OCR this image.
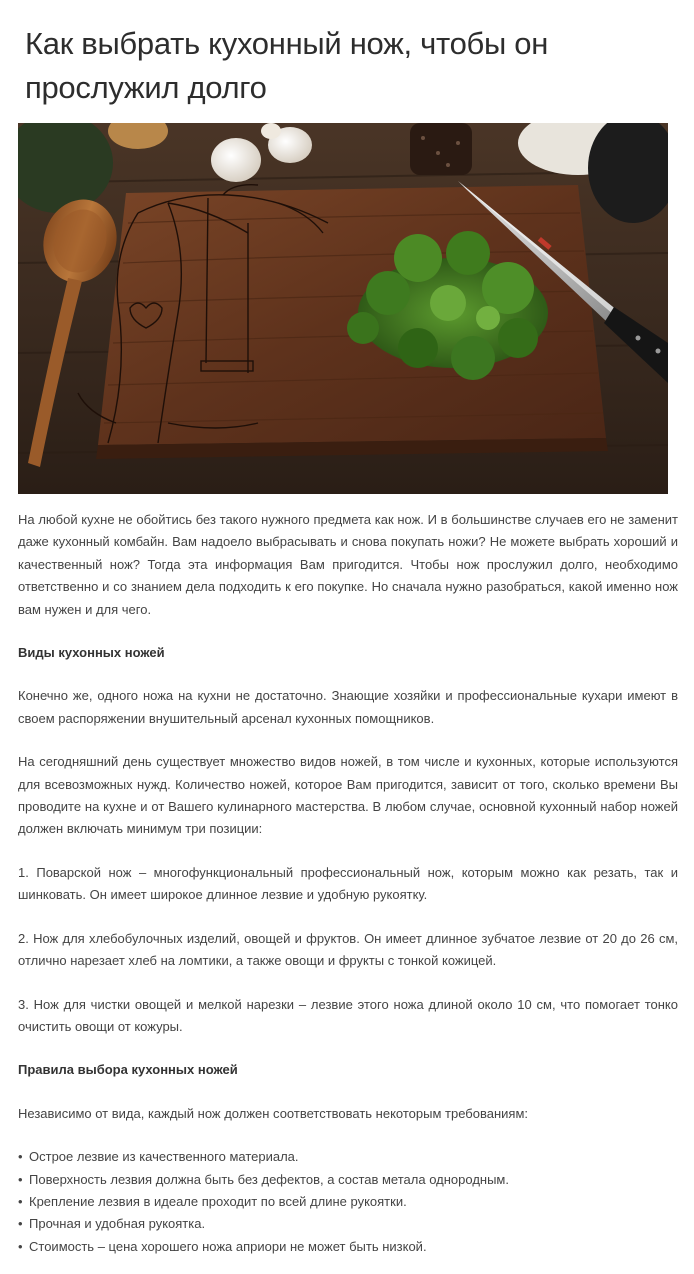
Как выбрать кухонный нож, чтобы он прослужил долго

На любой кухне не обойтись без такого нужного предмета как нож. И в большинстве случаев его не заменит даже кухонный комбайн. Вам надоело выбрасывать и снова покупать ножи? Не можете выбрать хороший и качественный нож? Тогда эта информация Вам пригодится. Чтобы нож прослужил долго, необходимо ответственно и со знанием дела подходить к его покупке. Но сначала нужно разобраться, какой именно нож вам нужен и для чего.

Виды кухонных ножей

Конечно же, одного ножа на кухни не достаточно. Знающие хозяйки и профессиональные кухари имеют в своем распоряжении внушительный арсенал кухонных помощников.

На сегодняшний день существует множество видов ножей, в том числе и кухонных, которые используются для всевозможных нужд. Количество ножей, которое Вам пригодится, зависит от того, сколько времени Вы проводите на кухне и от Вашего кулинарного мастерства. В любом случае, основной кухонный набор ножей должен включать минимум три позиции:

1. Поварской нож – многофункциональный профессиональный нож, которым можно как резать, так и шинковать. Он имеет широкое длинное лезвие и удобную рукоятку.

2. Нож для хлебобулочных изделий, овощей и фруктов. Он имеет длинное зубчатое лезвие от 20 до 26 см, отлично нарезает хлеб на ломтики, а также овощи и фрукты с тонкой кожицей.

3. Нож для чистки овощей и мелкой нарезки – лезвие этого ножа длиной около 10 см, что помогает тонко очистить овощи от кожуры.

Правила выбора кухонных ножей

Независимо от вида, каждый нож должен соответствовать некоторым требованиям:

• Острое лезвие из качественного материала.
• Поверхность лезвия должна быть без дефектов, а состав метала однородным.
• Крепление лезвия в идеале проходит по всей длине рукоятки.
• Прочная и удобная рукоятка.
• Стоимость – цена хорошего ножа априори не может быть низкой.
